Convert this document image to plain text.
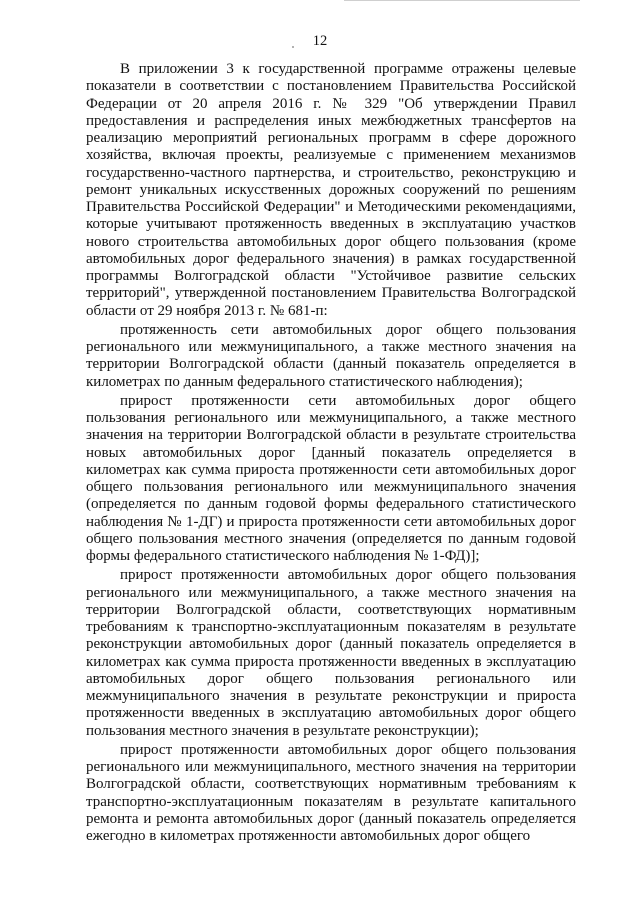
12

В приложении 3 к государственной программе отражены целевые показатели в соответствии с постановлением Правительства Российской Федерации от 20 апреля 2016 г. № 329 "Об утверждении Правил предоставления и распределения иных межбюджетных трансфертов на реализацию мероприятий региональных программ в сфере дорожного хозяйства, включая проекты, реализуемые с применением механизмов государственно-частного партнерства, и строительство, реконструкцию и ремонт уникальных искусственных дорожных сооружений по решениям Правительства Российской Федерации" и Методическими рекомендациями, которые учитывают протяженность введенных в эксплуатацию участков нового строительства автомобильных дорог общего пользования (кроме автомобильных дорог федерального значения) в рамках государственной программы Волгоградской области "Устойчивое развитие сельских территорий", утвержденной постановлением Правительства Волгоградской области от 29 ноября 2013 г. № 681-п:

протяженность сети автомобильных дорог общего пользования регионального или межмуниципального, а также местного значения на территории Волгоградской области (данный показатель определяется в километрах по данным федерального статистического наблюдения);

прирост протяженности сети автомобильных дорог общего пользования регионального или межмуниципального, а также местного значения на территории Волгоградской области в результате строительства новых автомобильных дорог [данный показатель определяется в километрах как сумма прироста протяженности сети автомобильных дорог общего пользования регионального или межмуниципального значения (определяется по данным годовой формы федерального статистического наблюдения № 1-ДГ) и прироста протяженности сети автомобильных дорог общего пользования местного значения (определяется по данным годовой формы федерального статистического наблюдения № 1-ФД)];

прирост протяженности автомобильных дорог общего пользования регионального или межмуниципального, а также местного значения на территории Волгоградской области, соответствующих нормативным требованиям к транспортно-эксплуатационным показателям в результате реконструкции автомобильных дорог (данный показатель определяется в километрах как сумма прироста протяженности введенных в эксплуатацию автомобильных дорог общего пользования регионального или межмуниципального значения в результате реконструкции и прироста протяженности введенных в эксплуатацию автомобильных дорог общего пользования местного значения в результате реконструкции);

прирост протяженности автомобильных дорог общего пользования регионального или межмуниципального, местного значения на территории Волгоградской области, соответствующих нормативным требованиям к транспортно-эксплуатационным показателям в результате капитального ремонта и ремонта автомобильных дорог (данный показатель определяется ежегодно в километрах протяженности автомобильных дорог общего
